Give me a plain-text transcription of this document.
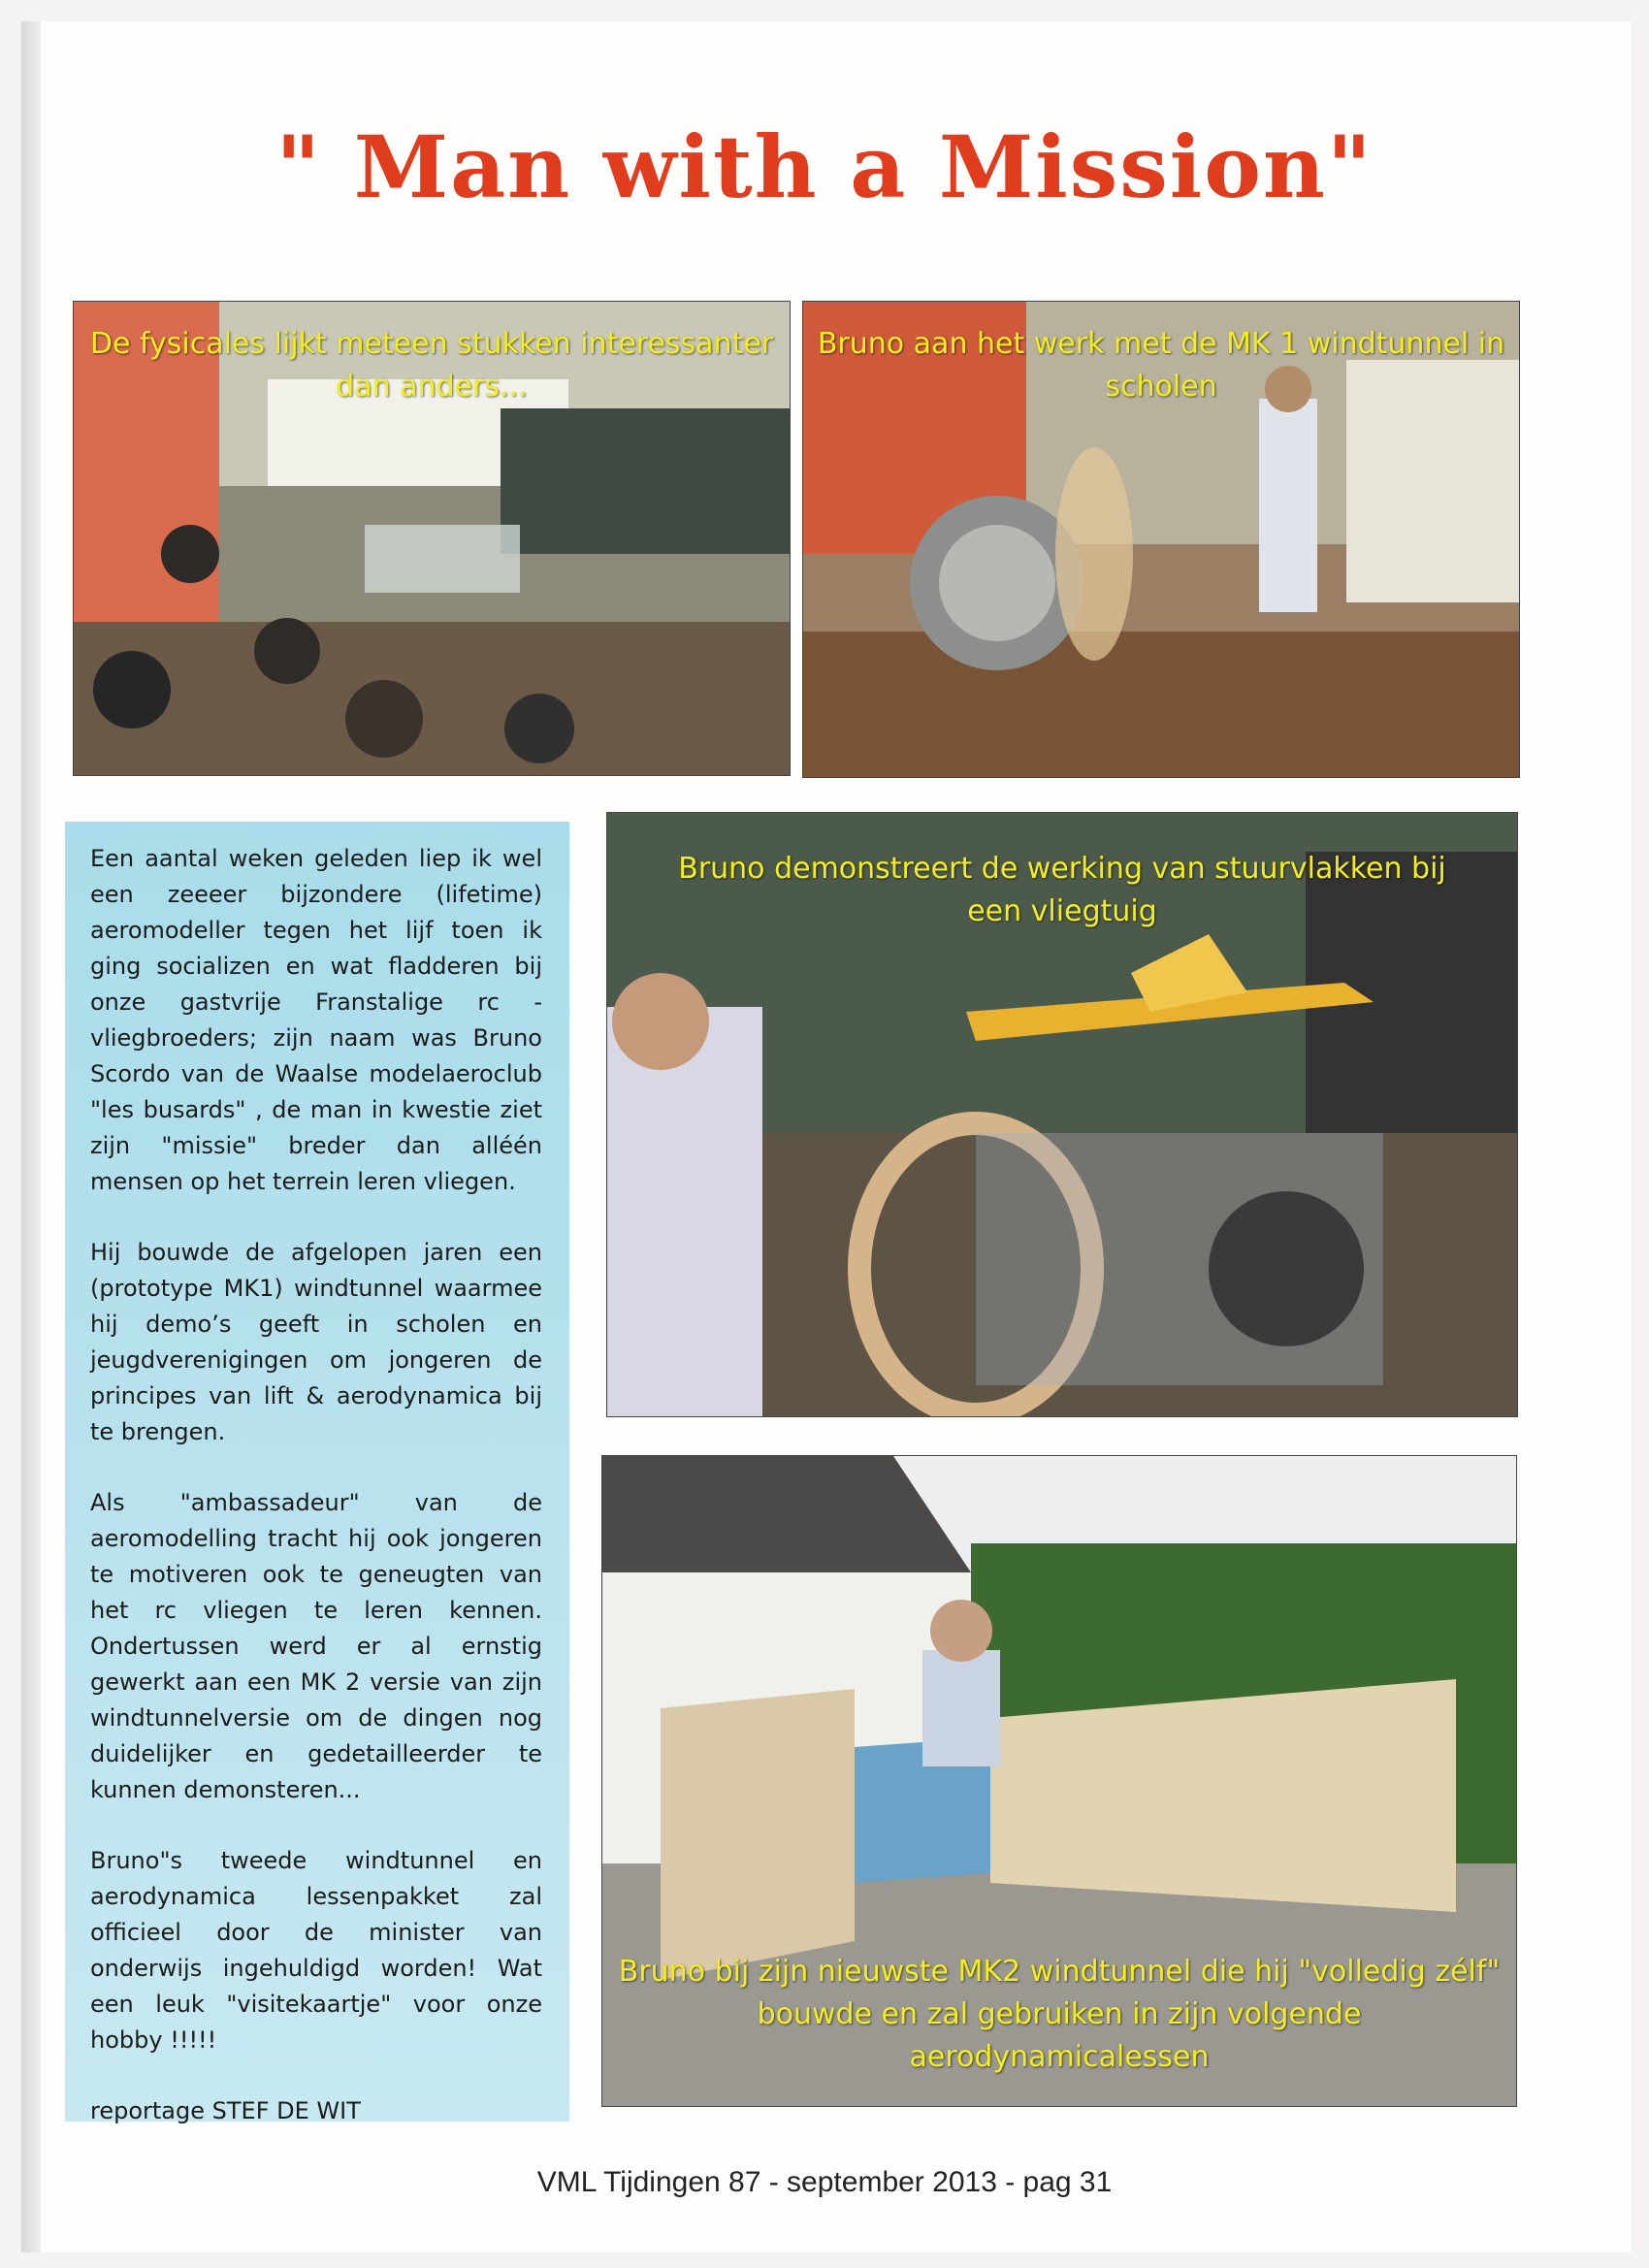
" Man with a Mission"

De fysicales lijkt meteen stukken interessanter dan anders...

Bruno aan het werk met de MK 1 windtunnel in scholen

Een aantal weken geleden liep ik wel een zeeeer bijzondere (lifetime) aeromodeller tegen het lijf toen ik ging socializen en wat fladderen bij onze gastvrije Franstalige rc - vliegbroeders; zijn naam was Bruno Scordo van de Waalse modelaeroclub "les busards" , de man in kwestie ziet zijn "missie" breder dan alléén mensen op het terrein leren vliegen.

Hij bouwde de afgelopen jaren een (prototype MK1) windtunnel waarmee hij demo’s geeft in scholen en jeugdverenigingen om jongeren de principes van lift & aerodynamica bij te brengen.

Als "ambassadeur" van de aeromodelling tracht hij ook jongeren te motiveren ook te geneugten van het rc vliegen te leren kennen. Ondertussen werd er al ernstig gewerkt aan een MK 2 versie van zijn windtunnelversie om de dingen nog duidelijker en gedetailleerder te kunnen demonsteren...

Bruno"s tweede windtunnel en aerodynamica lessenpakket zal officieel door de minister van onderwijs ingehuldigd worden! Wat een leuk "visitekaartje" voor onze hobby !!!!!

reportage STEF DE WIT

Bruno demonstreert de werking van stuurvlakken bij een vliegtuig

Bruno bij zijn nieuwste MK2 windtunnel die hij "volledig zélf" bouwde en zal gebruiken in zijn volgende aerodynamicalessen

VML Tijdingen 87 - september 2013 - pag 31
